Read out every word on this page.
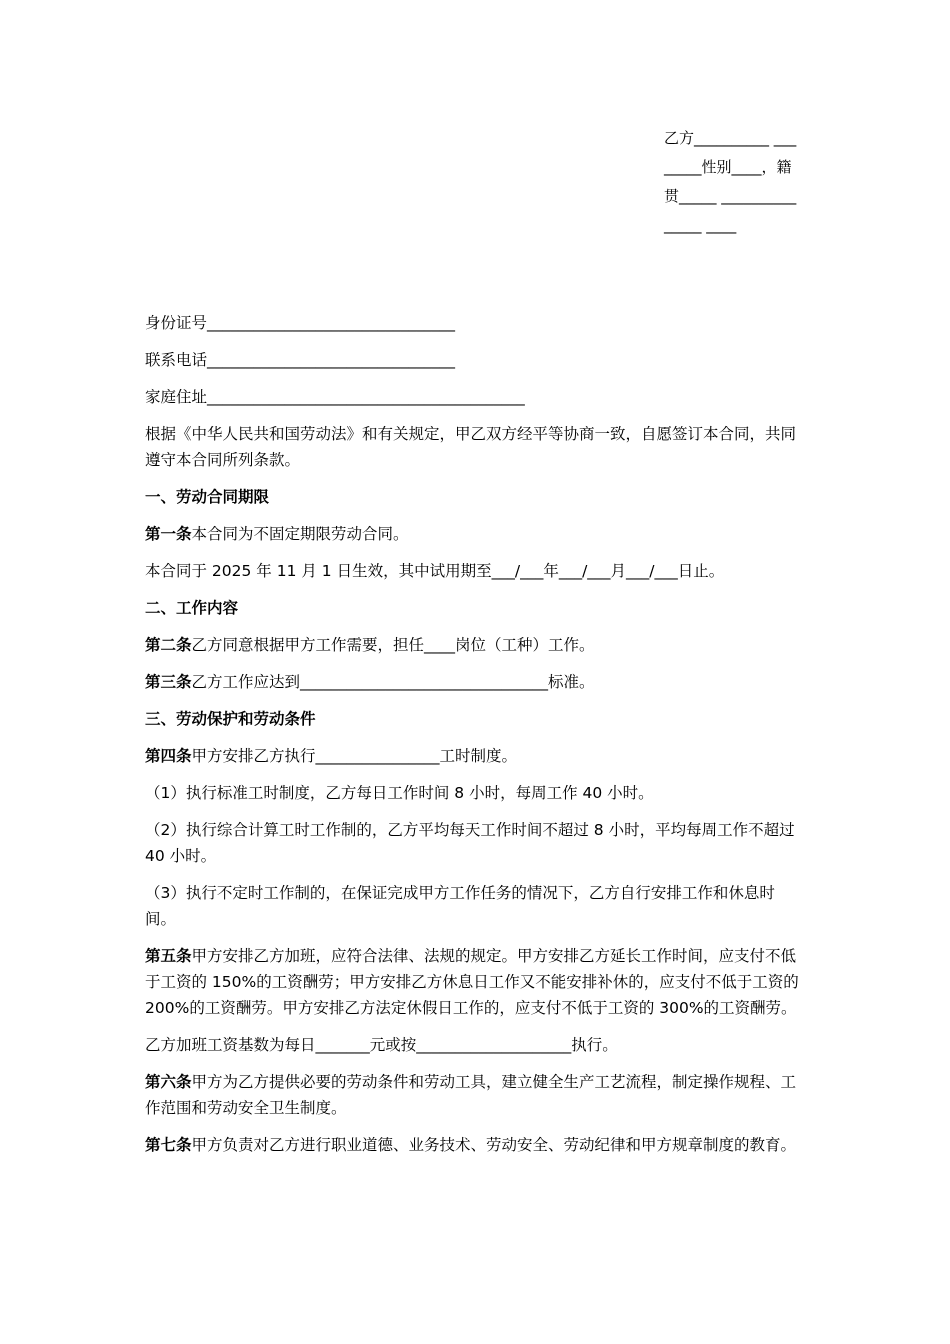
乙方__________ ________性别____，籍贯_____ _______________ ____

身份证号________________________________

联系电话________________________________

家庭住址_________________________________________

根据《中华人民共和国劳动法》和有关规定，甲乙双方经平等协商一致，自愿签订本合同，共同遵守本合同所列条款。

一、劳动合同期限

第一条本合同为不固定期限劳动合同。

本合同于 2025 年 11 月 1 日生效，其中试用期至___/___年___/___月___/___日止。

二、工作内容

第二条乙方同意根据甲方工作需要，担任____岗位（工种）工作。

第三条乙方工作应达到________________________________标准。

三、劳动保护和劳动条件

第四条甲方安排乙方执行________________工时制度。

（1）执行标准工时制度，乙方每日工作时间 8 小时，每周工作 40 小时。

（2）执行综合计算工时工作制的，乙方平均每天工作时间不超过 8 小时，平均每周工作不超过 40 小时。

（3）执行不定时工作制的，在保证完成甲方工作任务的情况下，乙方自行安排工作和休息时间。

第五条甲方安排乙方加班，应符合法律、法规的规定。甲方安排乙方延长工作时间，应支付不低于工资的 150%的工资酬劳；甲方安排乙方休息日工作又不能安排补休的，应支付不低于工资的 200%的工资酬劳。甲方安排乙方法定休假日工作的，应支付不低于工资的 300%的工资酬劳。

乙方加班工资基数为每日_______元或按____________________执行。

第六条甲方为乙方提供必要的劳动条件和劳动工具，建立健全生产工艺流程，制定操作规程、工作范围和劳动安全卫生制度。

第七条甲方负责对乙方进行职业道德、业务技术、劳动安全、劳动纪律和甲方规章制度的教育。
